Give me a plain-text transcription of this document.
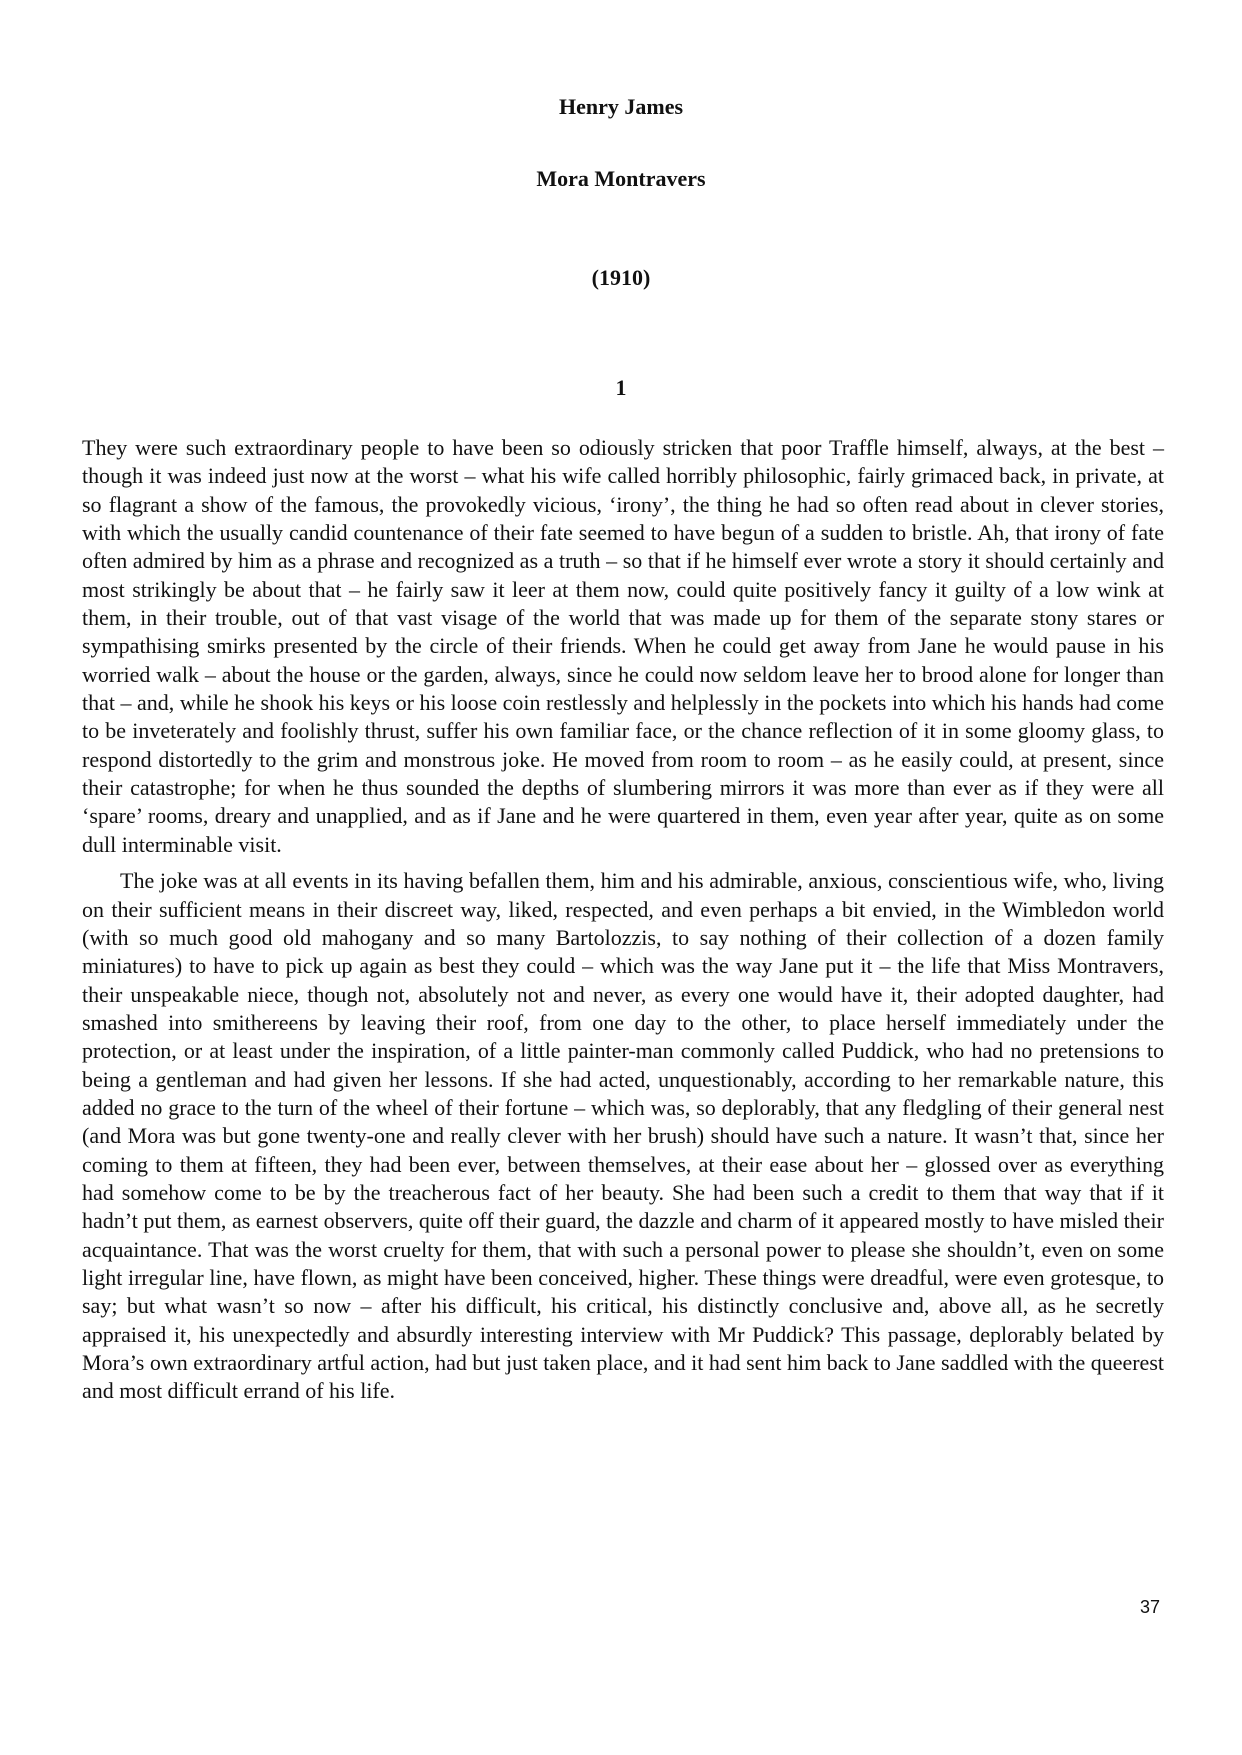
Henry James
Mora Montravers
(1910)
1

They were such extraordinary people to have been so odiously stricken that poor Traffle himself, always, at the best – though it was indeed just now at the worst – what his wife called horribly philosophic, fairly grimaced back, in private, at so flagrant a show of the famous, the provokedly vicious, ‘irony’, the thing he had so often read about in clever stories, with which the usually candid countenance of their fate seemed to have begun of a sudden to bristle. Ah, that irony of fate often admired by him as a phrase and recognized as a truth – so that if he himself ever wrote a story it should certainly and most strikingly be about that – he fairly saw it leer at them now, could quite positively fancy it guilty of a low wink at them, in their trouble, out of that vast visage of the world that was made up for them of the separate stony stares or sympathising smirks presented by the circle of their friends. When he could get away from Jane he would pause in his worried walk – about the house or the garden, always, since he could now seldom leave her to brood alone for longer than that – and, while he shook his keys or his loose coin restlessly and helplessly in the pockets into which his hands had come to be inveterately and foolishly thrust, suffer his own familiar face, or the chance reflection of it in some gloomy glass, to respond distortedly to the grim and monstrous joke. He moved from room to room – as he easily could, at present, since their catastrophe; for when he thus sounded the depths of slumbering mirrors it was more than ever as if they were all ‘spare’ rooms, dreary and unapplied, and as if Jane and he were quartered in them, even year after year, quite as on some dull interminable visit.

The joke was at all events in its having befallen them, him and his admirable, anxious, conscientious wife, who, living on their sufficient means in their discreet way, liked, respected, and even perhaps a bit envied, in the Wimbledon world (with so much good old mahogany and so many Bartolozzis, to say nothing of their collection of a dozen family miniatures) to have to pick up again as best they could – which was the way Jane put it – the life that Miss Montravers, their unspeakable niece, though not, absolutely not and never, as every one would have it, their adopted daughter, had smashed into smithereens by leaving their roof, from one day to the other, to place herself immediately under the protection, or at least under the inspiration, of a little painter-man commonly called Puddick, who had no pretensions to being a gentleman and had given her lessons. If she had acted, unquestionably, according to her remarkable nature, this added no grace to the turn of the wheel of their fortune – which was, so deplorably, that any fledgling of their general nest (and Mora was but gone twenty-one and really clever with her brush) should have such a nature. It wasn’t that, since her coming to them at fifteen, they had been ever, between themselves, at their ease about her – glossed over as everything had somehow come to be by the treacherous fact of her beauty. She had been such a credit to them that way that if it hadn’t put them, as earnest observers, quite off their guard, the dazzle and charm of it appeared mostly to have misled their acquaintance. That was the worst cruelty for them, that with such a personal power to please she shouldn’t, even on some light irregular line, have flown, as might have been conceived, higher. These things were dreadful, were even grotesque, to say; but what wasn’t so now – after his difficult, his critical, his distinctly conclusive and, above all, as he secretly appraised it, his unexpectedly and absurdly interesting interview with Mr Puddick? This passage, deplorably belated by Mora’s own extraordinary artful action, had but just taken place, and it had sent him back to Jane saddled with the queerest and most difficult errand of his life.

37
